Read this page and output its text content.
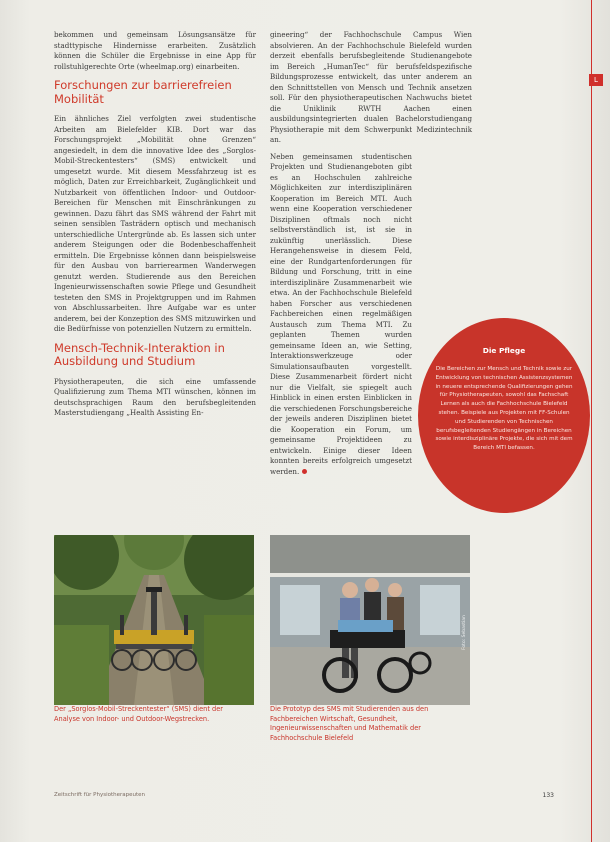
L

bekommen und gemeinsam Lösungsansätze für stadttypische Hindernisse erarbeiten. Zusätzlich können die Schüler die Ergebnisse in eine App für rollstuhlgerechte Orte (wheelmap.org) einarbeiten.

Forschungen zur barrierefreien Mobilität

Ein ähnliches Ziel verfolgten zwei studentische Arbeiten am Bielefelder KIB. Dort war das Forschungsprojekt „Mobilität ohne Grenzen“ angesiedelt, in dem die innovative Idee des „Sorglos-Mobil-Streckentesters“ (SMS) entwickelt und umgesetzt wurde. Mit diesem Messfahrzeug ist es möglich, Daten zur Erreichbarkeit, Zugänglichkeit und Nutzbarkeit von öffentlichen Indoor- und Outdoor-Bereichen für Menschen mit Einschränkungen zu gewinnen. Dazu fährt das SMS während der Fahrt mit seinen sensiblen Tasträdern optisch und mechanisch unterschiedliche Untergründe ab. Es lassen sich unter anderem Steigungen oder die Bodenbeschaffenheit ermitteln. Die Ergebnisse können dann beispielsweise für den Ausbau von barrierearmen Wanderwegen genutzt werden. Studierende aus den Bereichen Ingenieurwissenschaften sowie Pflege und Gesundheit testeten den SMS in Projektgruppen und im Rahmen von Abschlussarbeiten. Ihre Aufgabe war es unter anderem, bei der Konzeption des SMS mitzuwirken und die Bedürfnisse von potenziellen Nutzern zu ermitteln.

Mensch-Technik-Interaktion in Ausbildung und Studium

Physiotherapeuten, die sich eine umfassende Qualifizierung zum Thema MTI wünschen, können im deutschsprachigen Raum den berufsbegleitenden Masterstudiengang „Health Assisting En-

gineering“ der Fachhochschule Campus Wien absolvieren. An der Fachhochschule Bielefeld wurden derzeit ebenfalls berufsbegleitende Studienangebote im Bereich „HumanTec“ für berufsfeldspezifische Bildungsprozesse entwickelt, das unter anderem an den Schnittstellen von Mensch und Technik ansetzen soll. Für den physiotherapeutischen Nachwuchs bietet die Uniklinik RWTH Aachen einen ausbildungsintegrierten dualen Bachelorstudiengang Physiotherapie mit dem Schwerpunkt Medizintechnik an.

Neben gemeinsamen studentischen Projekten und Studienangeboten gibt es an Hochschulen zahlreiche Möglichkeiten zur interdisziplinären Kooperation im Bereich MTI. Auch wenn eine Kooperation verschiedener Disziplinen oftmals noch nicht selbstverständlich ist, ist sie in zukünftig unerlässlich. Diese Herangehensweise in diesem Feld, eine der Rundgartenforderungen für Bildung und Forschung, tritt in eine interdisziplinäre Zusammenarbeit wie etwa. An der Fachhochschule Bielefeld haben Forscher aus verschiedenen Fachbereichen einen regelmäßigen Austausch zum Thema MTI. Zu geplanten Themen wurden gemeinsame Ideen an, wie Setting, Interaktionswerkzeuge oder Simulationsaufbauten vorgestellt. Diese Zusammenarbeit fördert nicht nur die Vielfalt, sie spiegelt auch Hinblick in einen ersten Einblicken in die verschiedenen Forschungsbereiche der jeweils anderen Disziplinen bietet die Kooperation ein Forum, um gemeinsame Projektideen zu entwickeln. Einige dieser Ideen konnten bereits erfolgreich umgesetzt werden.

Die Pflege

Die Bereichen zur Mensch und Technik sowie zur Entwicklung von technischen Assistenzsystemen in neuere entsprechende Qualifizierungen gehen für Physiotherapeuten, sowohl das Fachschaft Lernen als auch die Fachhochschule Bielefeld stehen. Beispiele aus Projekten mit FF-Schulen und Studierenden von Technischen berufsbegleitenden Studiengängen in Bereichen sowie interdisziplinäre Projekte, die sich mit dem Bereich MTI befassen.

Der „Sorglos-Mobil-Streckentester“ (SMS) dient der Analyse von Indoor- und Outdoor-Wegstrecken.
Foto: Sebastian
Die Prototyp des SMS mit Studierenden aus den Fachbereichen Wirtschaft, Gesundheit, Ingenieurwissenschaften und Mathematik der Fachhochschule Bielefeld
Zeitschrift für Physiotherapeuten	133
